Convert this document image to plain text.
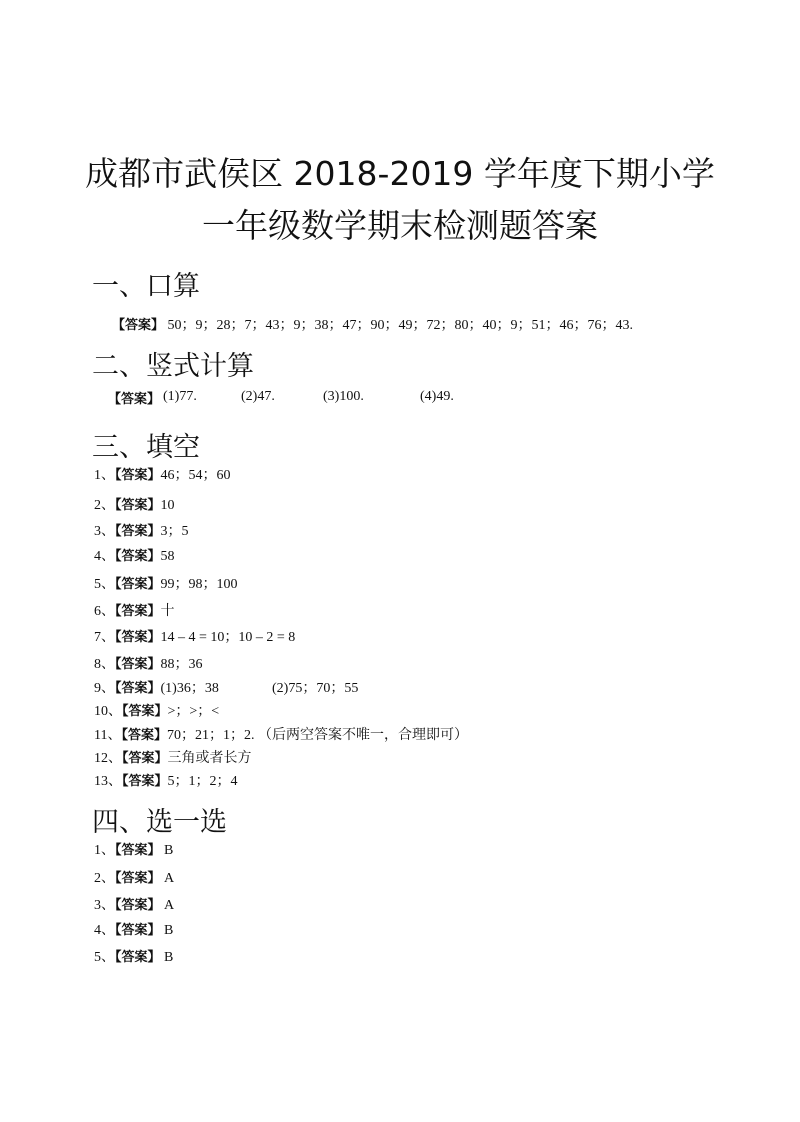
成都市武侯区 2018-2019 学年度下期小学
一年级数学期末检测题答案
一、口算
【答案】 50；9；28；7；43；9；38；47；90；49；72；80；40；9；51；46；76；43.
二、竖式计算
【答案】 (1)77.	(2)47.	(3)100.	(4)49.
三、填空
1、【答案】46；54；60
2、【答案】10
3、【答案】3；5
4、【答案】58
5、【答案】99；98；100
6、【答案】十
7、【答案】14 – 4 = 10；10 – 2 = 8
8、【答案】88；36
9、【答案】(1)36；38	(2)75；70；55
10、【答案】>；>；<
11、【答案】70；21；1；2. （后两空答案不唯一，合理即可）
12、【答案】三角或者长方
13、【答案】5；1；2；4
四、选一选
1、【答案】 B
2、【答案】 A
3、【答案】 A
4、【答案】 B
5、【答案】 B
